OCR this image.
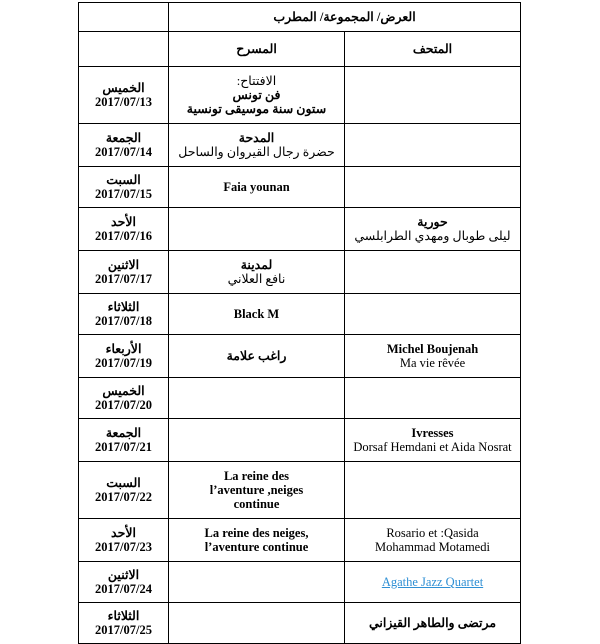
العرض/ المجموعة/ المطرب		
المتحف	المسرح	

	الافتتاح:
فن تونس
ستون سنة موسيقى تونسية	الخميس
2017/07/13

	المدحة
حضرة رجال القيروان والساحل	الجمعة
2017/07/14

	Faia younan	السبت
2017/07/15

حورية
ليلى طوبال ومهدي الطرابلسي		الأحد
2017/07/16

	لمدينة
نافع العلاني	الاثنين
2017/07/17

	Black M	الثلاثاء
2017/07/18

Michel Boujenah
Ma vie rêvée	راغب علامة	الأربعاء
2017/07/19

		الخميس
2017/07/20

Ivresses
Dorsaf Hemdani et Aida Nosrat		الجمعة
2017/07/21

	La reine des
l’aventure ,neiges
continue	السبت
2017/07/22

Rosario et :Qasida
Mohammad Motamedi	La reine des neiges,
l’aventure continue	الأحد
2017/07/23

Agathe Jazz Quartet		الاثنين
2017/07/24

مرتضى والطاهر القيزاني		الثلاثاء
2017/07/25
